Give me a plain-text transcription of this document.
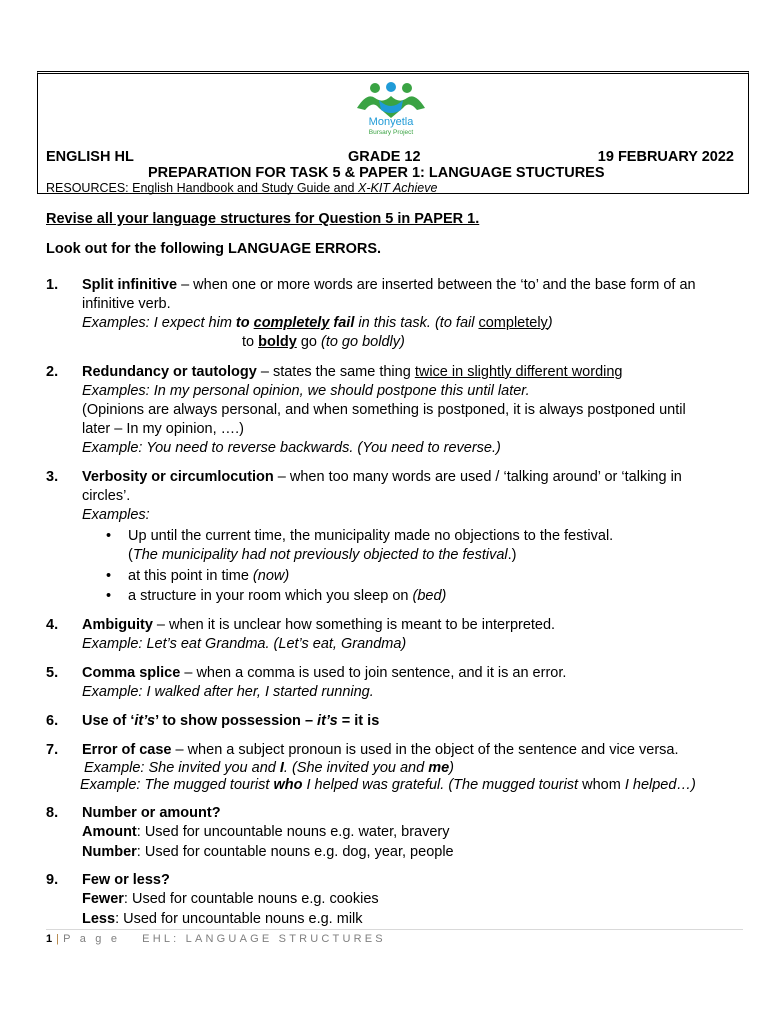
Monyetla
Bursary Project
ENGLISH HL	GRADE 12	19 FEBRUARY 2022
PREPARATION FOR TASK 5 & PAPER 1: LANGUAGE STUCTURES
RESOURCES: English Handbook and Study Guide and X-KIT Achieve
Revise all your language structures for Question 5 in PAPER 1.
Look out for the following LANGUAGE ERRORS.
1. Split infinitive – when one or more words are inserted between the ‘to’ and the base form of an
infinitive verb.
Examples: I expect him to completely fail in this task. (to fail completely)
to boldy go (to go boldly)
2. Redundancy or tautology – states the same thing twice in slightly different wording
Examples: In my personal opinion, we should postpone this until later.
(Opinions are always personal, and when something is postponed, it is always postponed until
later – In my opinion, ….)
Example: You need to reverse backwards. (You need to reverse.)
3. Verbosity or circumlocution – when too many words are used / ‘talking around’ or ‘talking in
circles’.
Examples:
• Up until the current time, the municipality made no objections to the festival.
(The municipality had not previously objected to the festival.)
• at this point in time (now)
• a structure in your room which you sleep on (bed)
4. Ambiguity – when it is unclear how something is meant to be interpreted.
Example: Let’s eat Grandma. (Let’s eat, Grandma)
5. Comma splice – when a comma is used to join sentence, and it is an error.
Example: I walked after her, I started running.
6. Use of ‘it’s’ to show possession – it’s = it is
7. Error of case – when a subject pronoun is used in the object of the sentence and vice versa.
Example: She invited you and I. (She invited you and me)
Example: The mugged tourist who I helped was grateful. (The mugged tourist whom I helped…)
8. Number or amount?
Amount: Used for uncountable nouns e.g. water, bravery
Number: Used for countable nouns e.g. dog, year, people
9. Few or less?
Fewer: Used for countable nouns e.g. cookies
Less: Used for uncountable nouns e.g. milk
1 | P a g e EHL: LANGUAGE STRUCTURES
